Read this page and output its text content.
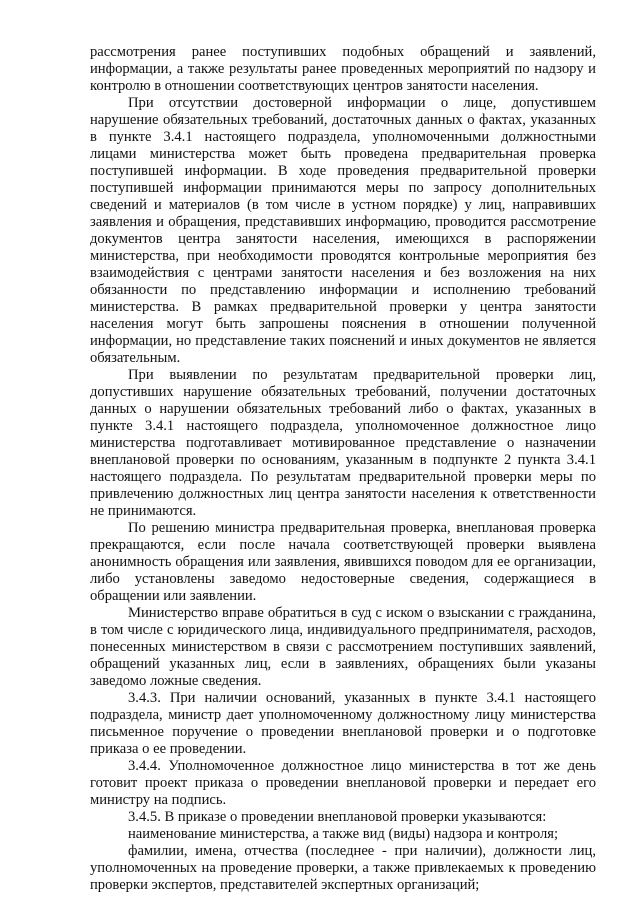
рассмотрения ранее поступивших подобных обращений и заявлений, информации, а также результаты ранее проведенных мероприятий по надзору и контролю в отношении соответствующих центров занятости населения.

При отсутствии достоверной информации о лице, допустившем нарушение обязательных требований, достаточных данных о фактах, указанных в пункте 3.4.1 настоящего подраздела, уполномоченными должностными лицами министерства может быть проведена предварительная проверка поступившей информации. В ходе проведения предварительной проверки поступившей информации принимаются меры по запросу дополнительных сведений и материалов (в том числе в устном порядке) у лиц, направивших заявления и обращения, представивших информацию, проводится рассмотрение документов центра занятости населения, имеющихся в распоряжении министерства, при необходимости проводятся контрольные мероприятия без взаимодействия с центрами занятости населения и без возложения на них обязанности по представлению информации и исполнению требований министерства. В рамках предварительной проверки у центра занятости населения могут быть запрошены пояснения в отношении полученной информации, но представление таких пояснений и иных документов не является обязательным.

При выявлении по результатам предварительной проверки лиц, допустивших нарушение обязательных требований, получении достаточных данных о нарушении обязательных требований либо о фактах, указанных в пункте 3.4.1 настоящего подраздела, уполномоченное должностное лицо министерства подготавливает мотивированное представление о назначении внеплановой проверки по основаниям, указанным в подпункте 2 пункта 3.4.1 настоящего подраздела. По результатам предварительной проверки меры по привлечению должностных лиц центра занятости населения к ответственности не принимаются.

По решению министра предварительная проверка, внеплановая проверка прекращаются, если после начала соответствующей проверки выявлена анонимность обращения или заявления, явившихся поводом для ее организации, либо установлены заведомо недостоверные сведения, содержащиеся в обращении или заявлении.

Министерство вправе обратиться в суд с иском о взыскании с гражданина, в том числе с юридического лица, индивидуального предпринимателя, расходов, понесенных министерством в связи с рассмотрением поступивших заявлений, обращений указанных лиц, если в заявлениях, обращениях были указаны заведомо ложные сведения.

3.4.3. При наличии оснований, указанных в пункте 3.4.1 настоящего подраздела, министр дает уполномоченному должностному лицу министерства письменное поручение о проведении внеплановой проверки и о подготовке приказа о ее проведении.

3.4.4. Уполномоченное должностное лицо министерства в тот же день готовит проект приказа о проведении внеплановой проверки и передает его министру на подпись.

3.4.5. В приказе о проведении внеплановой проверки указываются:

наименование министерства, а также вид (виды) надзора и контроля;

фамилии, имена, отчества (последнее - при наличии), должности лиц, уполномоченных на проведение проверки, а также привлекаемых к проведению проверки экспертов, представителей экспертных организаций;
